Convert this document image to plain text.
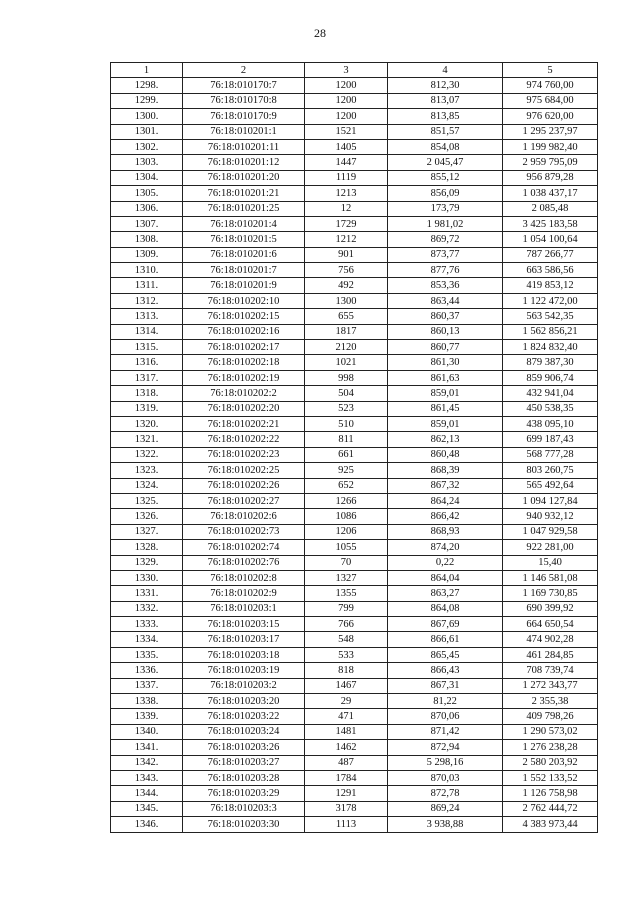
28
1	2	3	4	5
1298.	76:18:010170:7	1200	812,30	974 760,00
1299.	76:18:010170:8	1200	813,07	975 684,00
1300.	76:18:010170:9	1200	813,85	976 620,00
1301.	76:18:010201:1	1521	851,57	1 295 237,97
1302.	76:18:010201:11	1405	854,08	1 199 982,40
1303.	76:18:010201:12	1447	2 045,47	2 959 795,09
1304.	76:18:010201:20	1119	855,12	956 879,28
1305.	76:18:010201:21	1213	856,09	1 038 437,17
1306.	76:18:010201:25	12	173,79	2 085,48
1307.	76:18:010201:4	1729	1 981,02	3 425 183,58
1308.	76:18:010201:5	1212	869,72	1 054 100,64
1309.	76:18:010201:6	901	873,77	787 266,77
1310.	76:18:010201:7	756	877,76	663 586,56
1311.	76:18:010201:9	492	853,36	419 853,12
1312.	76:18:010202:10	1300	863,44	1 122 472,00
1313.	76:18:010202:15	655	860,37	563 542,35
1314.	76:18:010202:16	1817	860,13	1 562 856,21
1315.	76:18:010202:17	2120	860,77	1 824 832,40
1316.	76:18:010202:18	1021	861,30	879 387,30
1317.	76:18:010202:19	998	861,63	859 906,74
1318.	76:18:010202:2	504	859,01	432 941,04
1319.	76:18:010202:20	523	861,45	450 538,35
1320.	76:18:010202:21	510	859,01	438 095,10
1321.	76:18:010202:22	811	862,13	699 187,43
1322.	76:18:010202:23	661	860,48	568 777,28
1323.	76:18:010202:25	925	868,39	803 260,75
1324.	76:18:010202:26	652	867,32	565 492,64
1325.	76:18:010202:27	1266	864,24	1 094 127,84
1326.	76:18:010202:6	1086	866,42	940 932,12
1327.	76:18:010202:73	1206	868,93	1 047 929,58
1328.	76:18:010202:74	1055	874,20	922 281,00
1329.	76:18:010202:76	70	0,22	15,40
1330.	76:18:010202:8	1327	864,04	1 146 581,08
1331.	76:18:010202:9	1355	863,27	1 169 730,85
1332.	76:18:010203:1	799	864,08	690 399,92
1333.	76:18:010203:15	766	867,69	664 650,54
1334.	76:18:010203:17	548	866,61	474 902,28
1335.	76:18:010203:18	533	865,45	461 284,85
1336.	76:18:010203:19	818	866,43	708 739,74
1337.	76:18:010203:2	1467	867,31	1 272 343,77
1338.	76:18:010203:20	29	81,22	2 355,38
1339.	76:18:010203:22	471	870,06	409 798,26
1340.	76:18:010203:24	1481	871,42	1 290 573,02
1341.	76:18:010203:26	1462	872,94	1 276 238,28
1342.	76:18:010203:27	487	5 298,16	2 580 203,92
1343.	76:18:010203:28	1784	870,03	1 552 133,52
1344.	76:18:010203:29	1291	872,78	1 126 758,98
1345.	76:18:010203:3	3178	869,24	2 762 444,72
1346.	76:18:010203:30	1113	3 938,88	4 383 973,44
